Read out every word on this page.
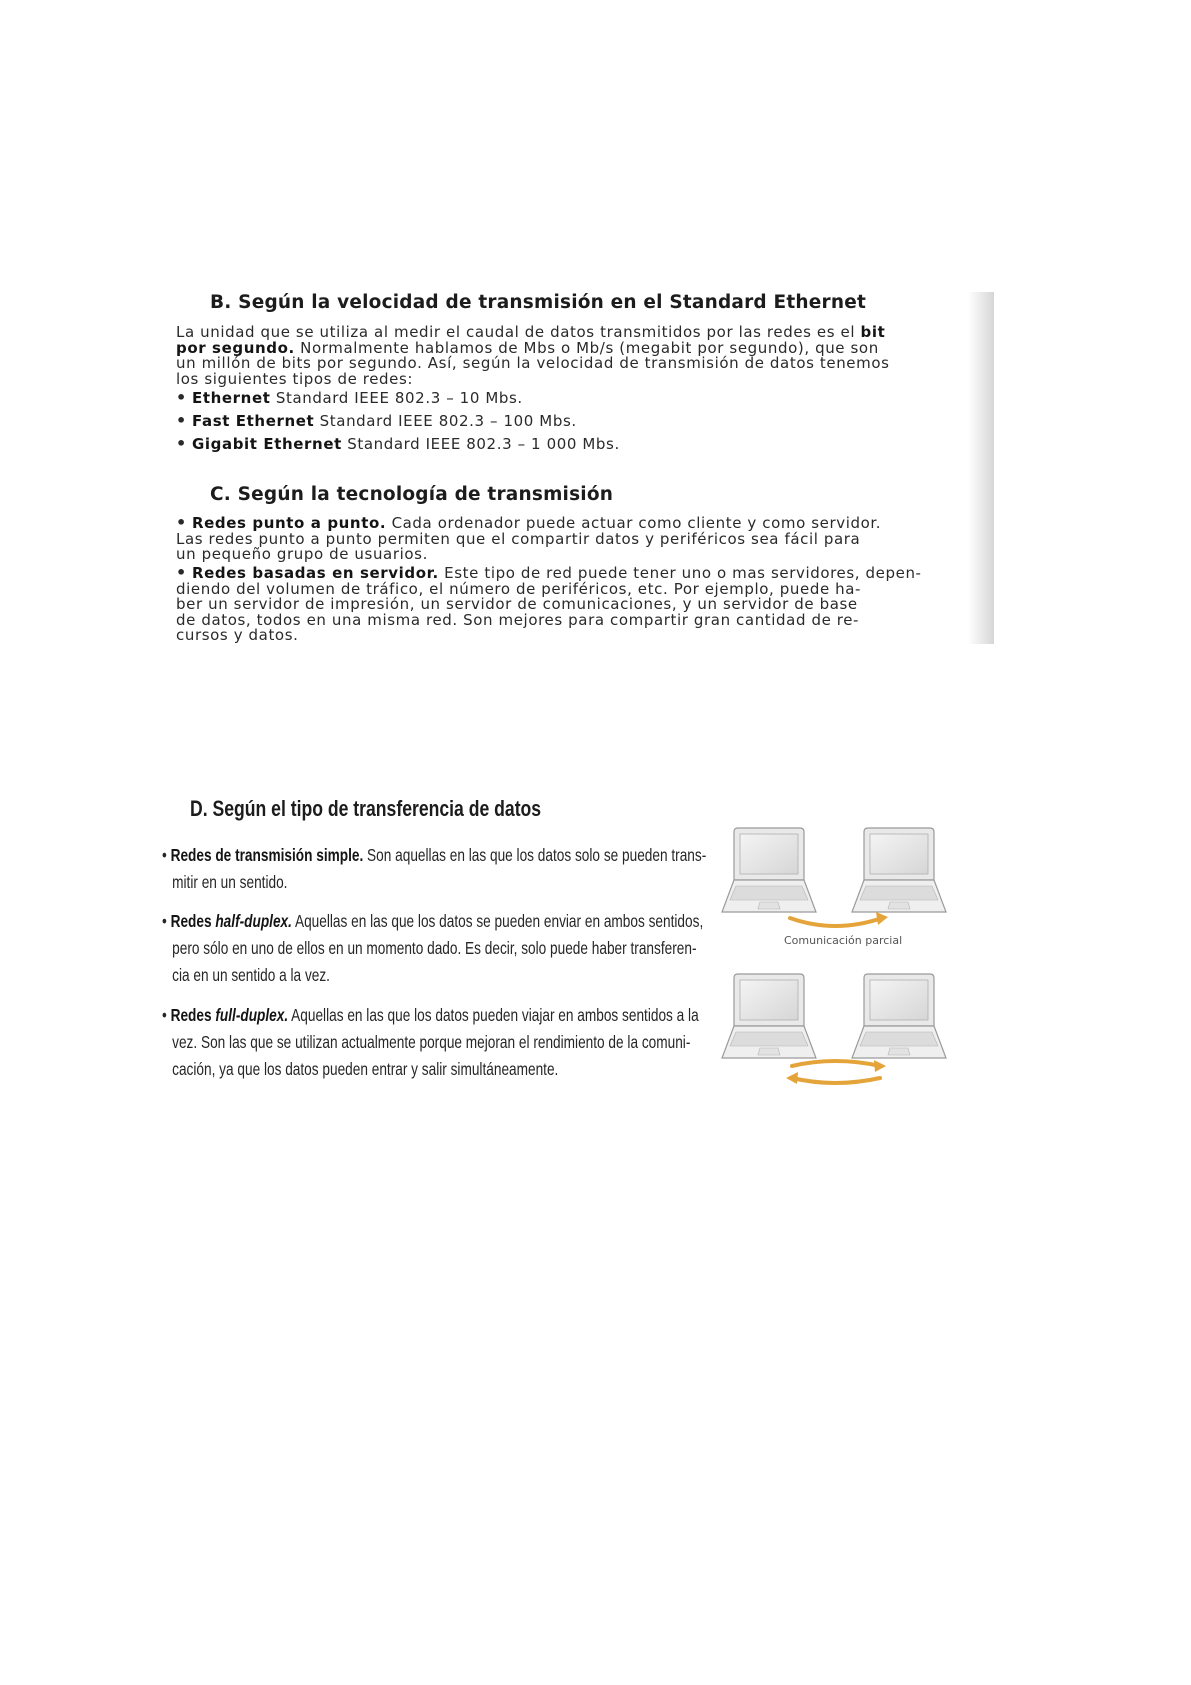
B. Según la velocidad de transmisión en el Standard Ethernet
La unidad que se utiliza al medir el caudal de datos transmitidos por las redes es el bit
por segundo. Normalmente hablamos de Mbs o Mb/s (megabit por segundo), que son
un millón de bits por segundo. Así, según la velocidad de transmisión de datos tenemos
los siguientes tipos de redes:
• Ethernet Standard IEEE 802.3 – 10 Mbs.
• Fast Ethernet Standard IEEE 802.3 – 100 Mbs.
• Gigabit Ethernet Standard IEEE 802.3 – 1 000 Mbs.
C. Según la tecnología de transmisión
• Redes punto a punto. Cada ordenador puede actuar como cliente y como servidor.
Las redes punto a punto permiten que el compartir datos y periféricos sea fácil para
un pequeño grupo de usuarios.
• Redes basadas en servidor. Este tipo de red puede tener uno o mas servidores, depen-
diendo del volumen de tráfico, el número de periféricos, etc. Por ejemplo, puede ha-
ber un servidor de impresión, un servidor de comunicaciones, y un servidor de base
de datos, todos en una misma red. Son mejores para compartir gran cantidad de re-
cursos y datos.
D. Según el tipo de transferencia de datos
• Redes de transmisión simple. Son aquellas en las que los datos solo se pueden trans-
mitir en un sentido.
• Redes half-duplex. Aquellas en las que los datos se pueden enviar en ambos sentidos,
pero sólo en uno de ellos en un momento dado. Es decir, solo puede haber transferen-
cia en un sentido a la vez.
• Redes full-duplex. Aquellas en las que los datos pueden viajar en ambos sentidos a la
vez. Son las que se utilizan actualmente porque mejoran el rendimiento de la comuni-
cación, ya que los datos pueden entrar y salir simultáneamente.
Comunicación parcial
